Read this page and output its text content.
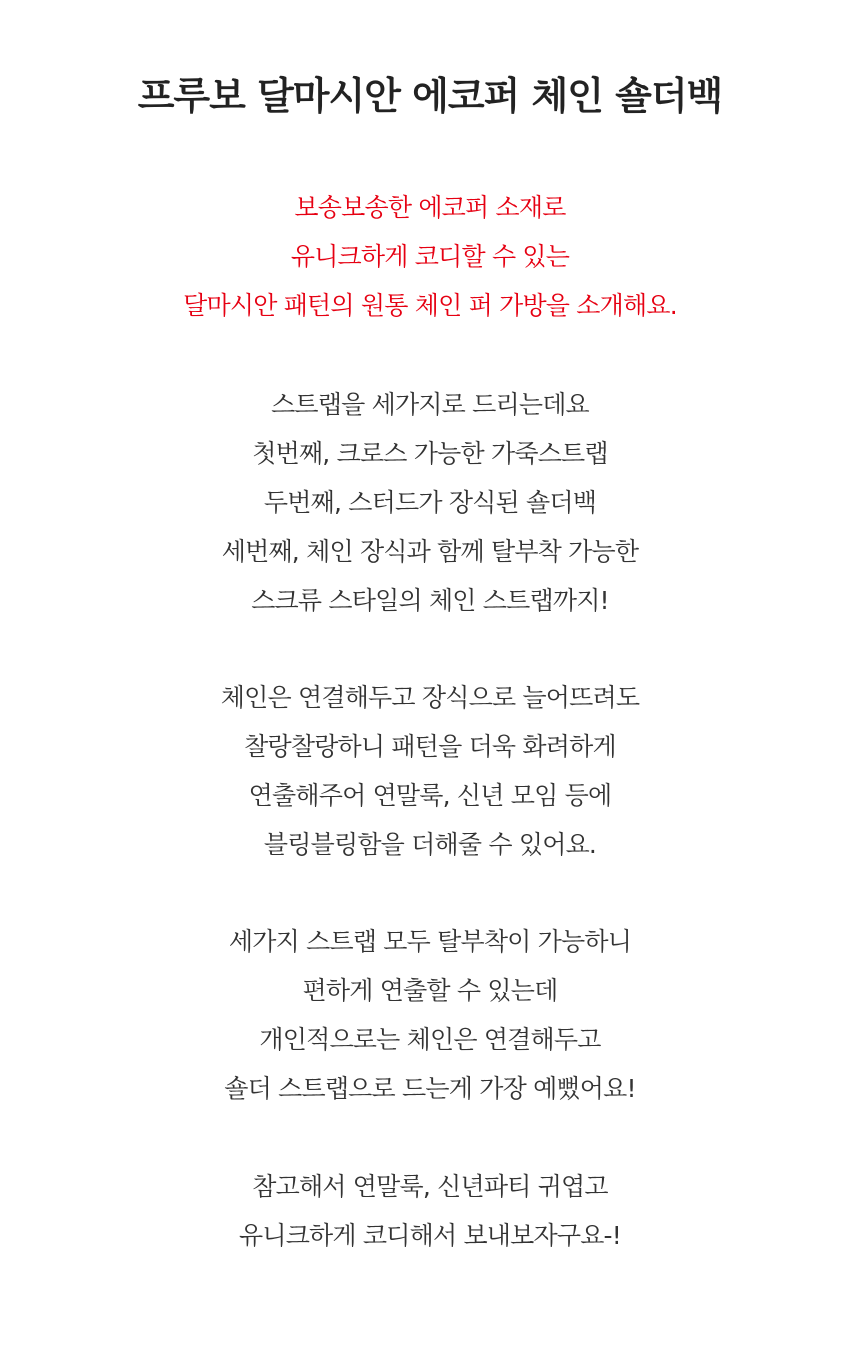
프루보 달마시안 에코퍼 체인 숄더백
보송보송한 에코퍼 소재로
유니크하게 코디할 수 있는
달마시안 패턴의 원통 체인 퍼 가방을 소개해요.
스트랩을 세가지로 드리는데요
첫번째, 크로스 가능한 가죽스트랩
두번째, 스터드가 장식된 숄더백
세번째, 체인 장식과 함께 탈부착 가능한
스크류 스타일의 체인 스트랩까지!
체인은 연결해두고 장식으로 늘어뜨려도
찰랑찰랑하니 패턴을 더욱 화려하게
연출해주어 연말룩, 신년 모임 등에
블링블링함을 더해줄 수 있어요.
세가지 스트랩 모두 탈부착이 가능하니
편하게 연출할 수 있는데
개인적으로는 체인은 연결해두고
숄더 스트랩으로 드는게 가장 예뻤어요!
참고해서 연말룩, 신년파티 귀엽고
유니크하게 코디해서 보내보자구요-!
